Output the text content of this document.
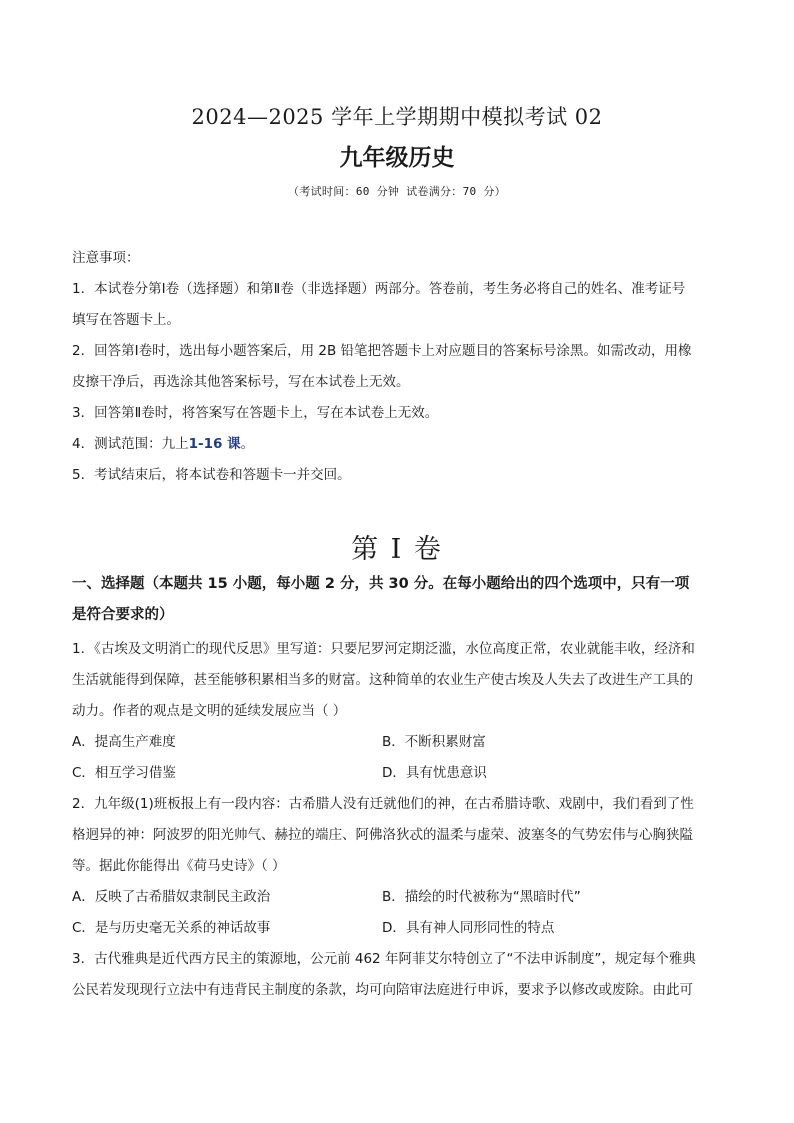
2024—2025 学年上学期期中模拟考试 02
九年级历史
（考试时间：60 分钟 试卷满分：70 分）
注意事项：
1．本试卷分第Ⅰ卷（选择题）和第Ⅱ卷（非选择题）两部分。答卷前，考生务必将自己的姓名、准考证号
填写在答题卡上。
2．回答第Ⅰ卷时，选出每小题答案后，用 2B 铅笔把答题卡上对应题目的答案标号涂黑。如需改动，用橡
皮擦干净后，再选涂其他答案标号，写在本试卷上无效。
3．回答第Ⅱ卷时，将答案写在答题卡上，写在本试卷上无效。
4．测试范围：九上1-16 课。
5．考试结束后，将本试卷和答题卡一并交回。
第 I 卷
一、选择题（本题共 15 小题，每小题 2 分，共 30 分。在每小题给出的四个选项中，只有一项
是符合要求的）
1．《古埃及文明消亡的现代反思》里写道：只要尼罗河定期泛滥，水位高度正常，农业就能丰收，经济和
生活就能得到保障，甚至能够积累相当多的财富。这种简单的农业生产使古埃及人失去了改进生产工具的
动力。作者的观点是文明的延续发展应当（ ）
A．提高生产难度	B．不断积累财富
C．相互学习借鉴	D．具有忧患意识
2．九年级(1)班板报上有一段内容：古希腊人没有迁就他们的神，在古希腊诗歌、戏剧中，我们看到了性
格迥异的神：阿波罗的阳光帅气、赫拉的端庄、阿佛洛狄忒的温柔与虚荣、波塞冬的气势宏伟与心胸狭隘
等。据此你能得出《荷马史诗》（ ）
A．反映了古希腊奴隶制民主政治	B．描绘的时代被称为“黑暗时代”
C．是与历史毫无关系的神话故事	D．具有神人同形同性的特点
3．古代雅典是近代西方民主的策源地，公元前 462 年阿菲艾尔特创立了“不法申诉制度”，规定每个雅典
公民若发现现行立法中有违背民主制度的条款，均可向陪审法庭进行申诉，要求予以修改或废除。由此可
